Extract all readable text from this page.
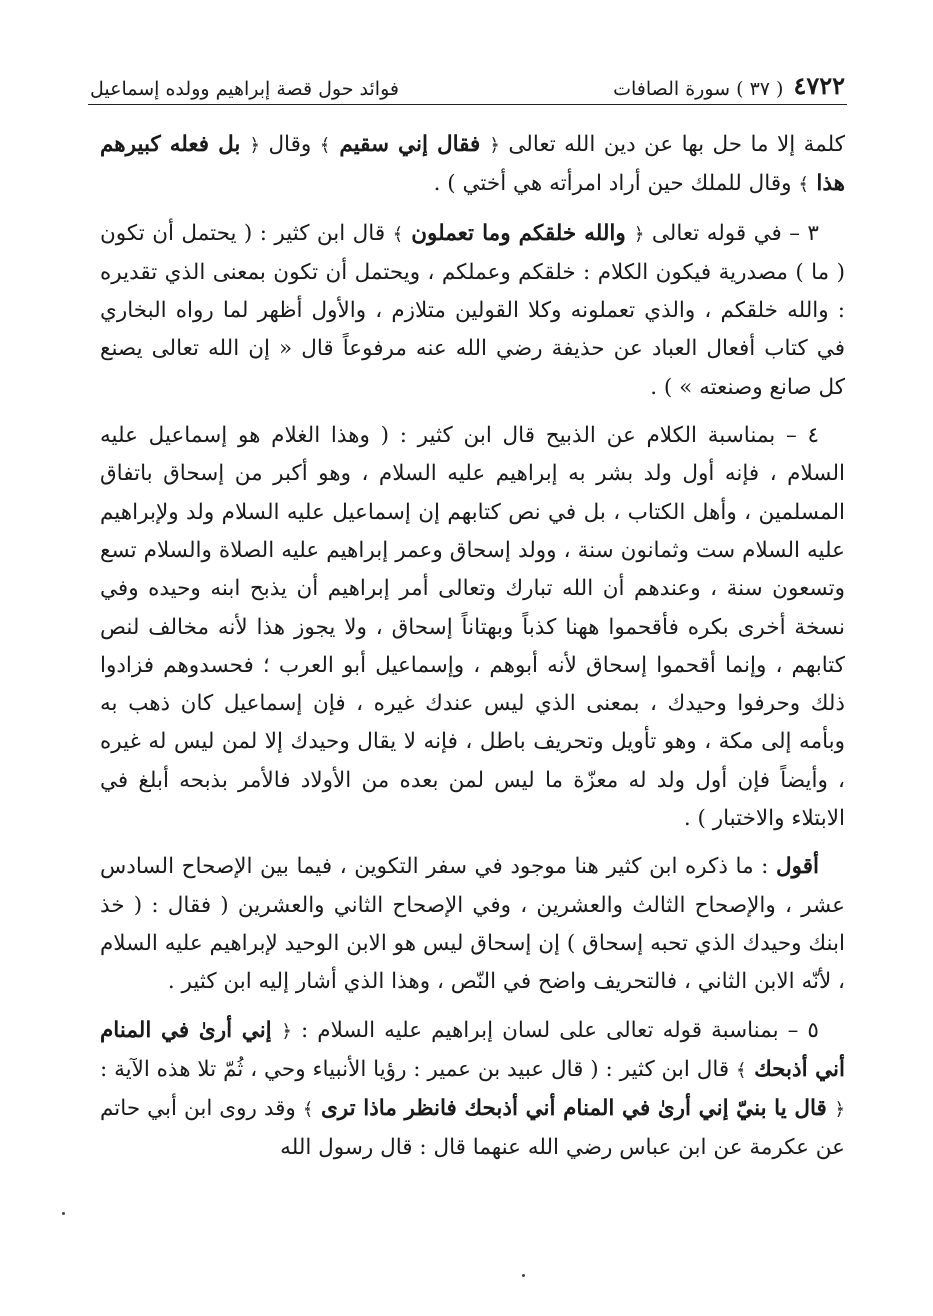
٤٧٢٢
( ٣٧ ) سورة الصافات
فوائد حول قصة إبراهيم وولده إسماعيل

كلمة إلا ما حل بها عن دين الله تعالى ﴿ فقال إني سقيم ﴾ وقال ﴿ بل فعله كبيرهم هذا ﴾ وقال للملك حين أراد امرأته هي أختي ) .

٣ – في قوله تعالى ﴿ والله خلقكم وما تعملون ﴾ قال ابن كثير : ( يحتمل أن تكون ( ما ) مصدرية فيكون الكلام : خلقكم وعملكم ، ويحتمل أن تكون بمعنى الذي تقديره : والله خلقكم ، والذي تعملونه وكلا القولين متلازم ، والأول أظهر لما رواه البخاري في كتاب أفعال العباد عن حذيفة رضي الله عنه مرفوعاً قال « إن الله تعالى يصنع كل صانع وصنعته » ) .

٤ – بمناسبة الكلام عن الذبيح قال ابن كثير : ( وهذا الغلام هو إسماعيل عليه السلام ، فإنه أول ولد بشر به إبراهيم عليه السلام ، وهو أكبر من إسحاق باتفاق المسلمين ، وأهل الكتاب ، بل في نص كتابهم إن إسماعيل عليه السلام ولد ولإبراهيم عليه السلام ست وثمانون سنة ، وولد إسحاق وعمر إبراهيم عليه الصلاة والسلام تسع وتسعون سنة ، وعندهم أن الله تبارك وتعالى أمر إبراهيم أن يذبح ابنه وحيده وفي نسخة أخرى بكره فأقحموا ههنا كذباً وبهتاناً إسحاق ، ولا يجوز هذا لأنه مخالف لنص كتابهم ، وإنما أقحموا إسحاق لأنه أبوهم ، وإسماعيل أبو العرب ؛ فحسدوهم فزادوا ذلك وحرفوا وحيدك ، بمعنى الذي ليس عندك غيره ، فإن إسماعيل كان ذهب به وبأمه إلى مكة ، وهو تأويل وتحريف باطل ، فإنه لا يقال وحيدك إلا لمن ليس له غيره ، وأيضاً فإن أول ولد له معزّة ما ليس لمن بعده من الأولاد فالأمر بذبحه أبلغ في الابتلاء والاختبار ) .

أقول : ما ذكره ابن كثير هنا موجود في سفر التكوين ، فيما بين الإصحاح السادس عشر ، والإصحاح الثالث والعشرين ، وفي الإصحاح الثاني والعشرين ( فقال : ( خذ ابنك وحيدك الذي تحبه إسحاق ) إن إسحاق ليس هو الابن الوحيد لإبراهيم عليه السلام ، لأنّه الابن الثاني ، فالتحريف واضح في النّص ، وهذا الذي أشار إليه ابن كثير .

٥ – بمناسبة قوله تعالى على لسان إبراهيم عليه السلام : ﴿ إني أرىٰ في المنام أني أذبحك ﴾ قال ابن كثير : ( قال عبيد بن عمير : رؤيا الأنبياء وحي ، ثُمّ تلا هذه الآية : ﴿ قال يا بنيّ إني أرىٰ في المنام أني أذبحك فانظر ماذا ترى ﴾ وقد روى ابن أبي حاتم عن عكرمة عن ابن عباس رضي الله عنهما قال : قال رسول الله
